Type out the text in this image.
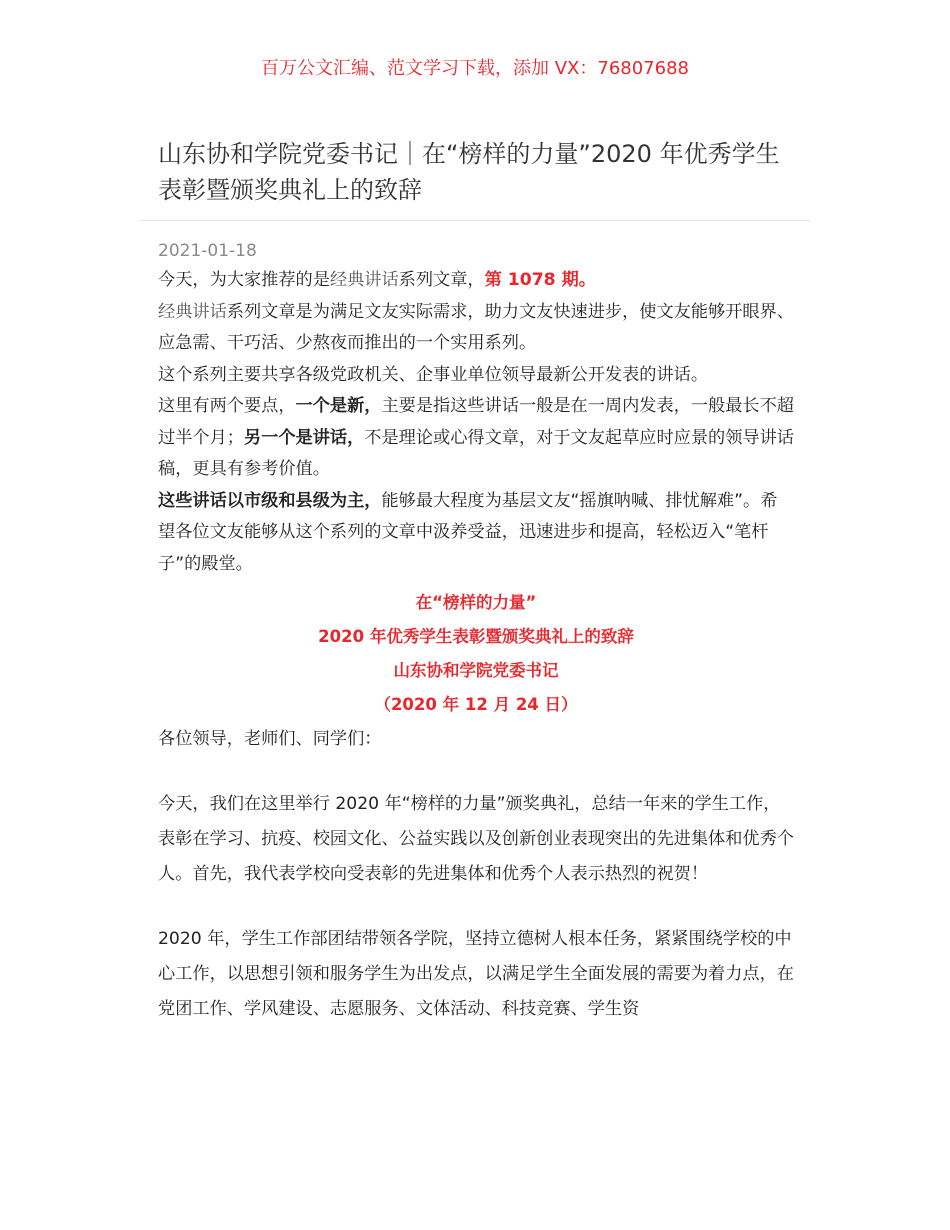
百万公文汇编、范文学习下载，添加 VX：76807688
山东协和学院党委书记｜在“榜样的力量”2020 年优秀学生表彰暨颁奖典礼上的致辞
2021-01-18

今天，为大家推荐的是经典讲话系列文章，第 1078 期。

经典讲话系列文章是为满足文友实际需求，助力文友快速进步，使文友能够开眼界、应急需、干巧活、少熬夜而推出的一个实用系列。

这个系列主要共享各级党政机关、企事业单位领导最新公开发表的讲话。

这里有两个要点，一个是新，主要是指这些讲话一般是在一周内发表，一般最长不超过半个月；另一个是讲话，不是理论或心得文章，对于文友起草应时应景的领导讲话稿，更具有参考价值。

这些讲话以市级和县级为主，能够最大程度为基层文友“摇旗呐喊、排忧解难”。希望各位文友能够从这个系列的文章中汲养受益，迅速进步和提高，轻松迈入“笔杆子”的殿堂。

在“榜样的力量”
2020 年优秀学生表彰暨颁奖典礼上的致辞
山东协和学院党委书记
（2020 年 12 月 24 日）

各位领导，老师们、同学们：

今天，我们在这里举行 2020 年“榜样的力量”颁奖典礼，总结一年来的学生工作，表彰在学习、抗疫、校园文化、公益实践以及创新创业表现突出的先进集体和优秀个人。首先，我代表学校向受表彰的先进集体和优秀个人表示热烈的祝贺！

2020 年，学生工作部团结带领各学院，坚持立德树人根本任务，紧紧围绕学校的中心工作，以思想引领和服务学生为出发点，以满足学生全面发展的需要为着力点，在党团工作、学风建设、志愿服务、文体活动、科技竞赛、学生资
